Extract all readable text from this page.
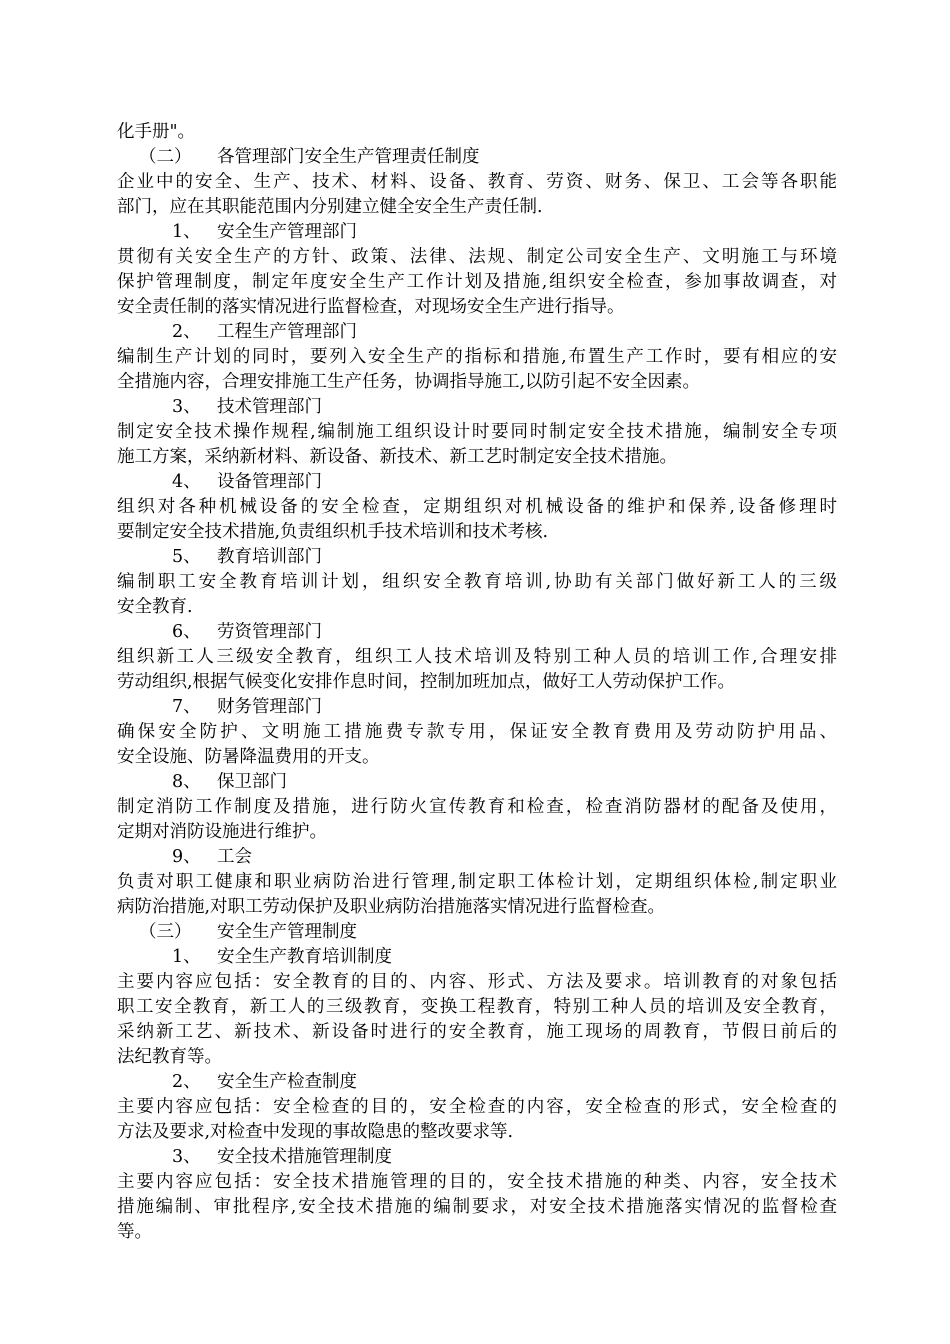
化手册"。
（二） 各管理部门安全生产管理责任制度
企业中的安全、生产、技术、材料、设备、教育、劳资、财务、保卫、工会等各职能
部门，应在其职能范围内分别建立健全安全生产责任制.
1、 安全生产管理部门
贯彻有关安全生产的方针、政策、法律、法规、制定公司安全生产、文明施工与环境
保护管理制度，制定年度安全生产工作计划及措施,组织安全检查，参加事故调查，对
安全责任制的落实情况进行监督检查，对现场安全生产进行指导。
2、 工程生产管理部门
编制生产计划的同时，要列入安全生产的指标和措施,布置生产工作时，要有相应的安
全措施内容，合理安排施工生产任务，协调指导施工,以防引起不安全因素。
3、 技术管理部门
制定安全技术操作规程,编制施工组织设计时要同时制定安全技术措施，编制安全专项
施工方案，采纳新材料、新设备、新技术、新工艺时制定安全技术措施。
4、 设备管理部门
组织对各种机械设备的安全检查，定期组织对机械设备的维护和保养,设备修理时
要制定安全技术措施,负责组织机手技术培训和技术考核.
5、 教育培训部门
编制职工安全教育培训计划，组织安全教育培训,协助有关部门做好新工人的三级
安全教育.
6、 劳资管理部门
组织新工人三级安全教育，组织工人技术培训及特别工种人员的培训工作,合理安排
劳动组织,根据气候变化安排作息时间，控制加班加点，做好工人劳动保护工作。
7、 财务管理部门
确保安全防护、文明施工措施费专款专用，保证安全教育费用及劳动防护用品、
安全设施、防暑降温费用的开支。
8、 保卫部门
制定消防工作制度及措施，进行防火宣传教育和检查，检查消防器材的配备及使用，
定期对消防设施进行维护。
9、 工会
负责对职工健康和职业病防治进行管理,制定职工体检计划，定期组织体检,制定职业
病防治措施,对职工劳动保护及职业病防治措施落实情况进行监督检查。
（三） 安全生产管理制度
1、 安全生产教育培训制度
主要内容应包括：安全教育的目的、内容、形式、方法及要求。培训教育的对象包括
职工安全教育，新工人的三级教育，变换工程教育，特别工种人员的培训及安全教育，
采纳新工艺、新技术、新设备时进行的安全教育，施工现场的周教育，节假日前后的
法纪教育等。
2、 安全生产检查制度
主要内容应包括：安全检查的目的，安全检查的内容，安全检查的形式，安全检查的
方法及要求,对检查中发现的事故隐患的整改要求等.
3、 安全技术措施管理制度
主要内容应包括：安全技术措施管理的目的，安全技术措施的种类、内容，安全技术
措施编制、审批程序,安全技术措施的编制要求，对安全技术措施落实情况的监督检查
等。
